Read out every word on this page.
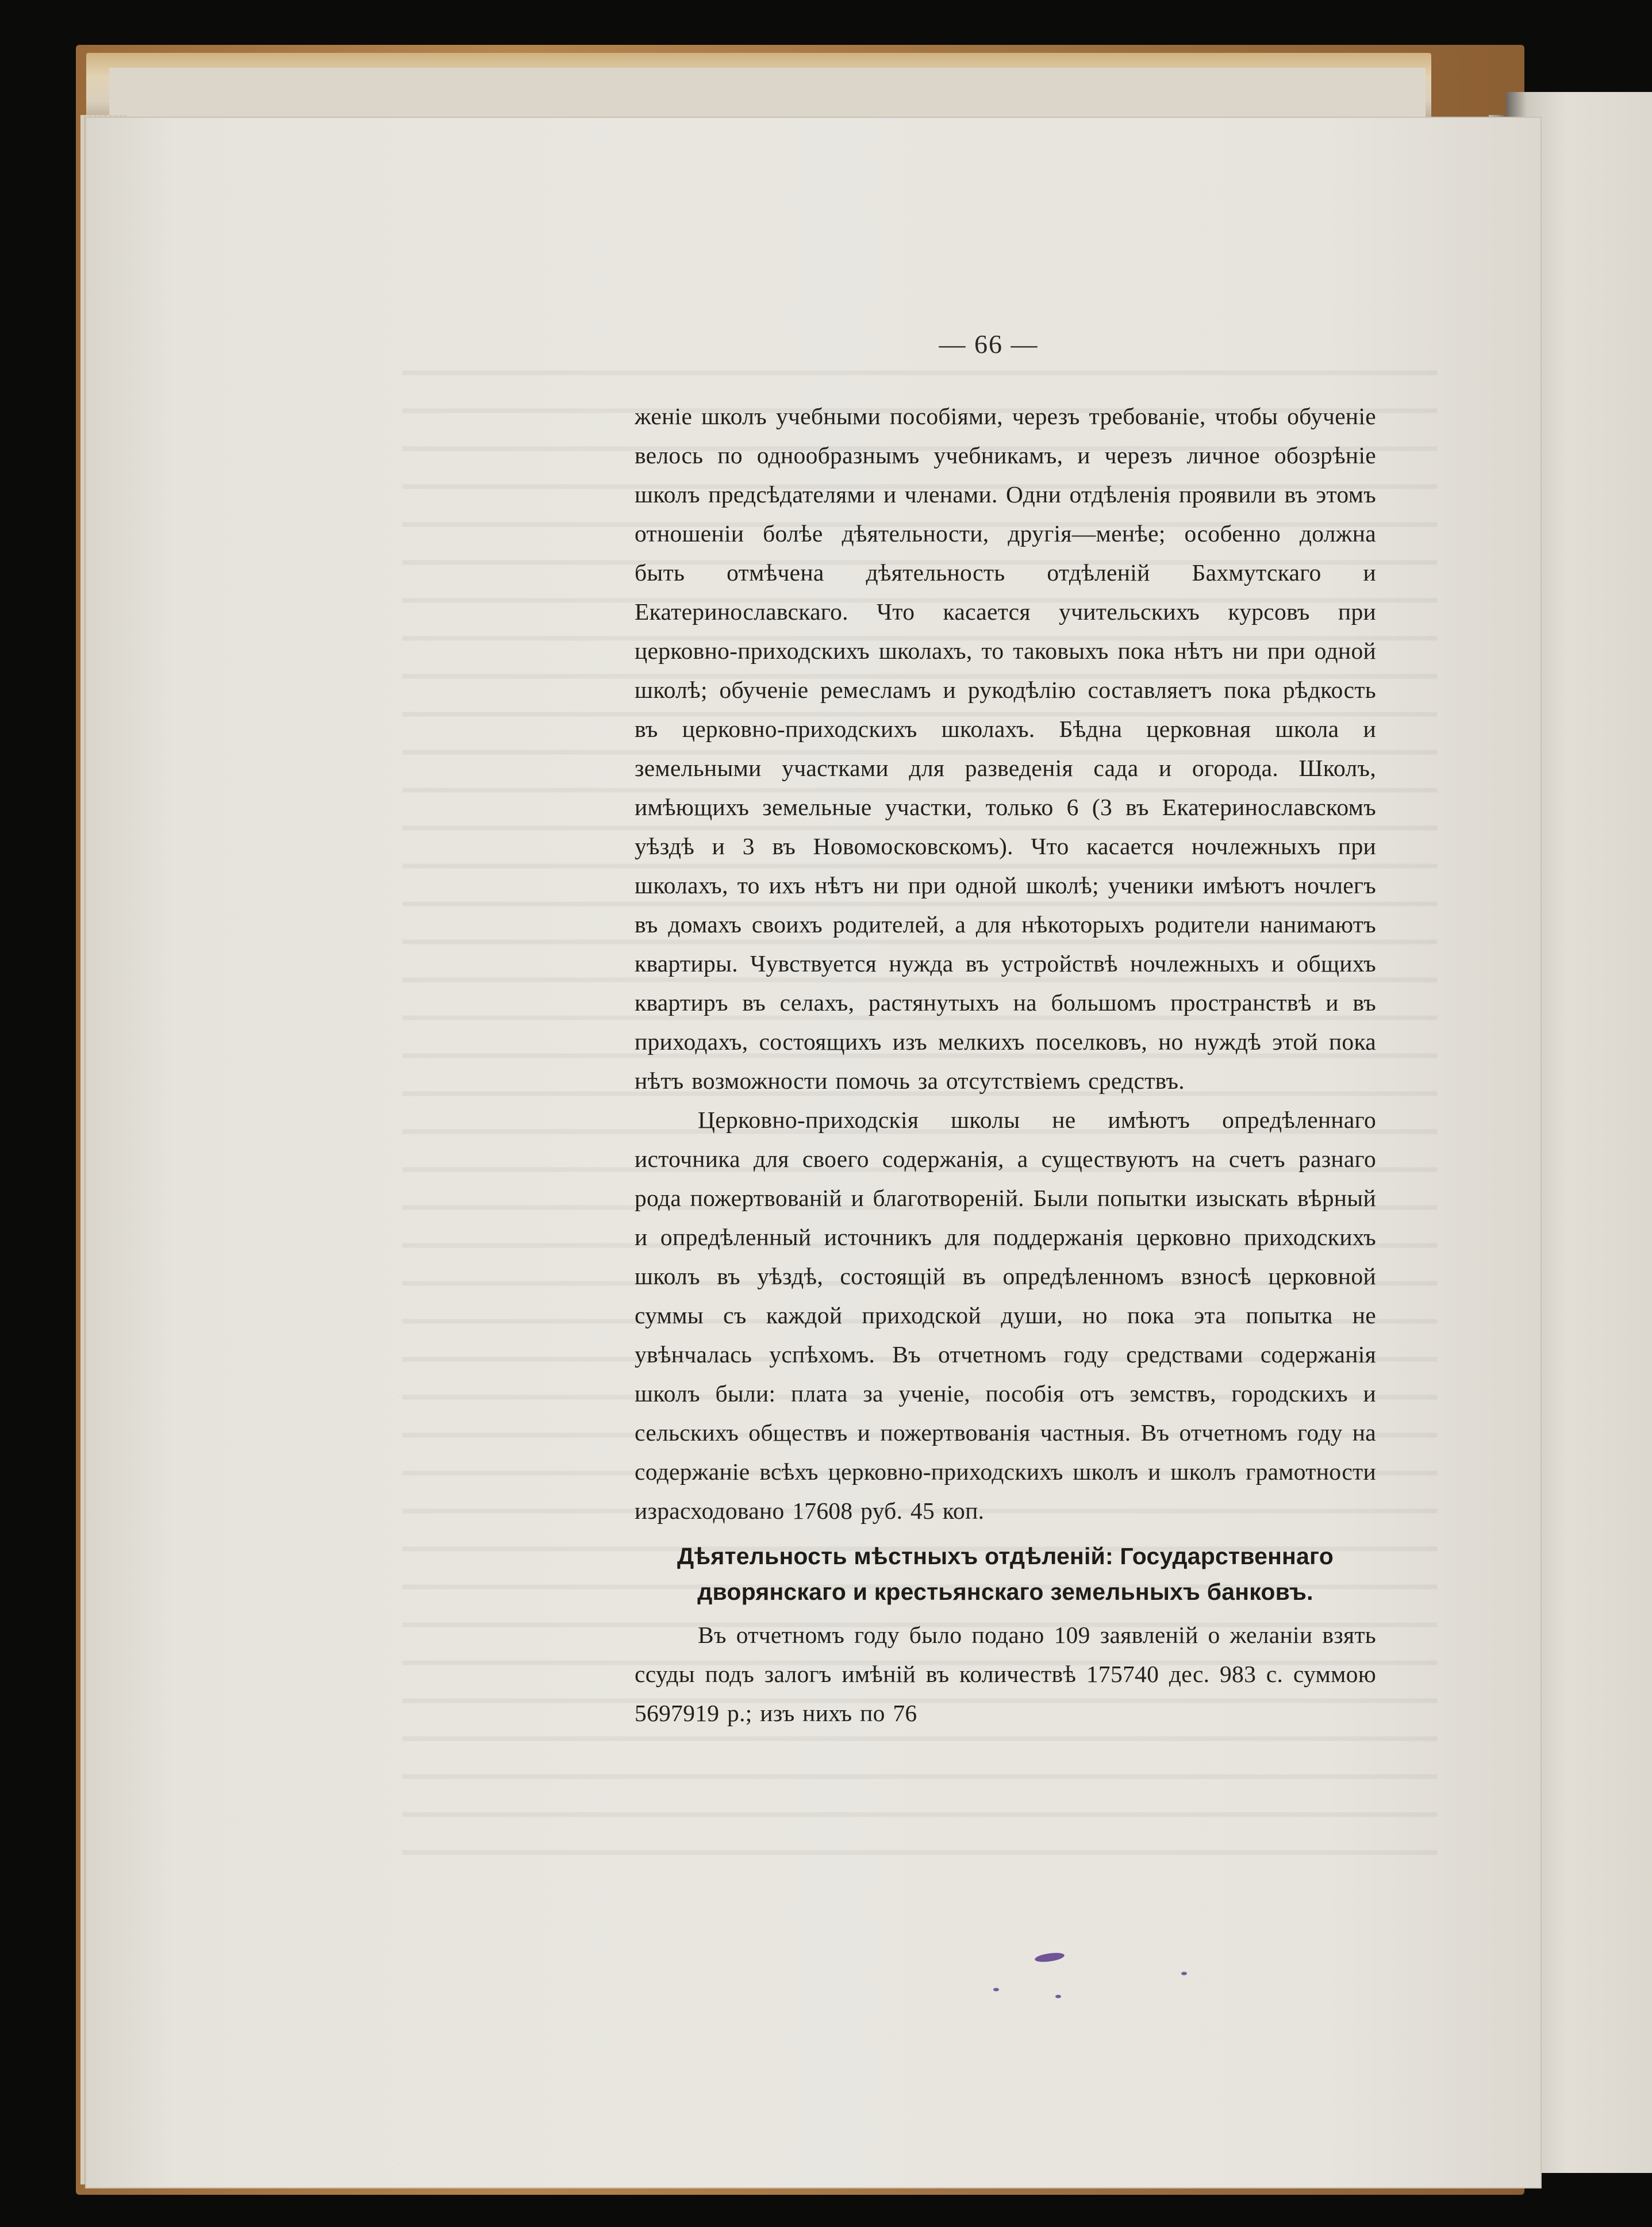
— 66 —

женіе школъ учебными пособіями, черезъ требованіе, чтобы обученіе велось по однообразнымъ учебникамъ, и черезъ личное обозрѣніе школъ предсѣдателями и членами. Одни отдѣленія проявили въ этомъ отношеніи болѣе дѣятельности, другія—менѣе; особенно должна быть отмѣчена дѣятельность отдѣленій Бахмутскаго и Екатеринославскаго. Что касается учительскихъ курсовъ при церковно-приходскихъ школахъ, то таковыхъ пока нѣтъ ни при одной школѣ; обученіе ремесламъ и рукодѣлію составляетъ пока рѣдкость въ церковно-приходскихъ школахъ. Бѣдна церковная школа и земельными участками для разведенія сада и огорода. Школъ, имѣющихъ земельные участки, только 6 (3 въ Екатеринославскомъ уѣздѣ и 3 въ Новомосковскомъ). Что касается ночлежныхъ при школахъ, то ихъ нѣтъ ни при одной школѣ; ученики имѣютъ ночлегъ въ домахъ своихъ родителей, а для нѣкоторыхъ родители нанимаютъ квартиры. Чувствуется нужда въ устройствѣ ночлежныхъ и общихъ квартиръ въ селахъ, растянутыхъ на большомъ пространствѣ и въ приходахъ, состоящихъ изъ мелкихъ поселковъ, но нуждѣ этой пока нѣтъ возможности помочь за отсутствіемъ средствъ.

Церковно-приходскія школы не имѣютъ опредѣленнаго источника для своего содержанія, а существуютъ на счетъ разнаго рода пожертвованій и благотвореній. Были попытки изыскать вѣрный и опредѣленный источникъ для поддержанія церковно приходскихъ школъ въ уѣздѣ, состоящій въ опредѣленномъ взносѣ церковной суммы съ каждой приходской души, но пока эта попытка не увѣнчалась успѣхомъ. Въ отчетномъ году средствами содержанія школъ были: плата за ученіе, пособія отъ земствъ, городскихъ и сельскихъ обществъ и пожертвованія частныя. Въ отчетномъ году на содержаніе всѣхъ церковно-приходскихъ школъ и школъ грамотности израсходовано 17608 руб. 45 коп.

Дѣятельность мѣстныхъ отдѣленій: Государственнаго дворянскаго и крестьянскаго земельныхъ банковъ.

Въ отчетномъ году было подано 109 заявленій о желаніи взять ссуды подъ залогъ имѣній въ количествѣ 175740 дес. 983 с. суммою 5697919 р.; изъ нихъ по 76
